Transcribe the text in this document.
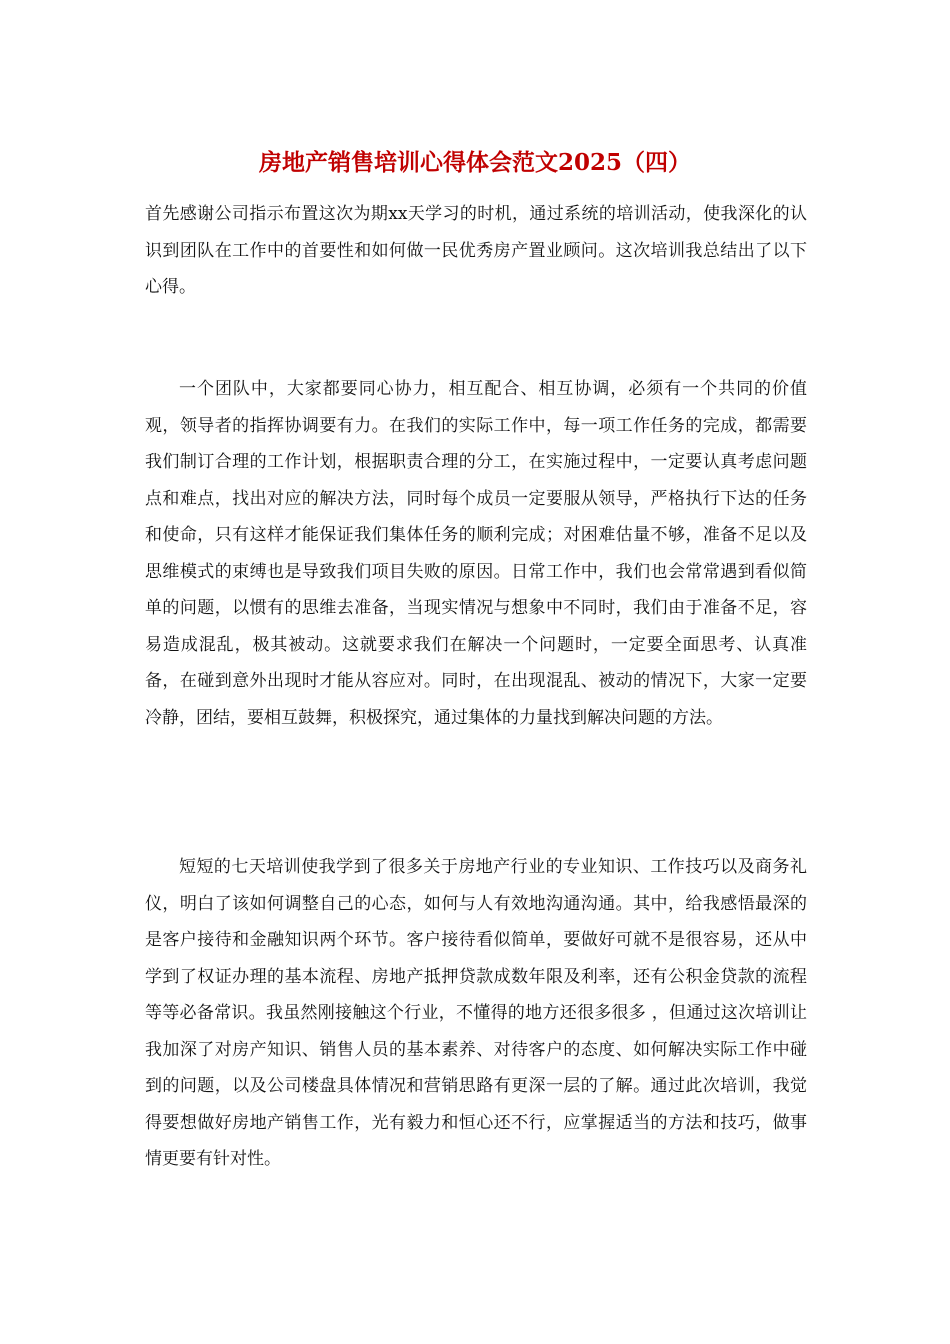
房地产销售培训心得体会范文2025（四）

首先感谢公司指示布置这次为期xx天学习的时机，通过系统的培训活动，使我深化的认识到团队在工作中的首要性和如何做一民优秀房产置业顾问。这次培训我总结出了以下心得。

一个团队中，大家都要同心协力，相互配合、相互协调，必须有一个共同的价值观，领导者的指挥协调要有力。在我们的实际工作中，每一项工作任务的完成，都需要我们制订合理的工作计划，根据职责合理的分工，在实施过程中，一定要认真考虑问题点和难点，找出对应的解决方法，同时每个成员一定要服从领导，严格执行下达的任务和使命，只有这样才能保证我们集体任务的顺利完成；对困难估量不够，准备不足以及思维模式的束缚也是导致我们项目失败的原因。日常工作中，我们也会常常遇到看似简单的问题，以惯有的思维去准备，当现实情况与想象中不同时，我们由于准备不足，容易造成混乱，极其被动。这就要求我们在解决一个问题时，一定要全面思考、认真准备，在碰到意外出现时才能从容应对。同时，在出现混乱、被动的情况下，大家一定要冷静，团结，要相互鼓舞，积极探究，通过集体的力量找到解决问题的方法。

短短的七天培训使我学到了很多关于房地产行业的专业知识、工作技巧以及商务礼仪，明白了该如何调整自己的心态，如何与人有效地沟通沟通。其中，给我感悟最深的是客户接待和金融知识两个环节。客户接待看似简单，要做好可就不是很容易，还从中学到了权证办理的基本流程、房地产抵押贷款成数年限及利率，还有公积金贷款的流程等等必备常识。我虽然刚接触这个行业，不懂得的地方还很多很多 ，但通过这次培训让我加深了对房产知识、销售人员的基本素养、对待客户的态度、如何解决实际工作中碰到的问题，以及公司楼盘具体情况和营销思路有更深一层的了解。通过此次培训，我觉得要想做好房地产销售工作，光有毅力和恒心还不行，应掌握适当的方法和技巧，做事情更要有针对性。
